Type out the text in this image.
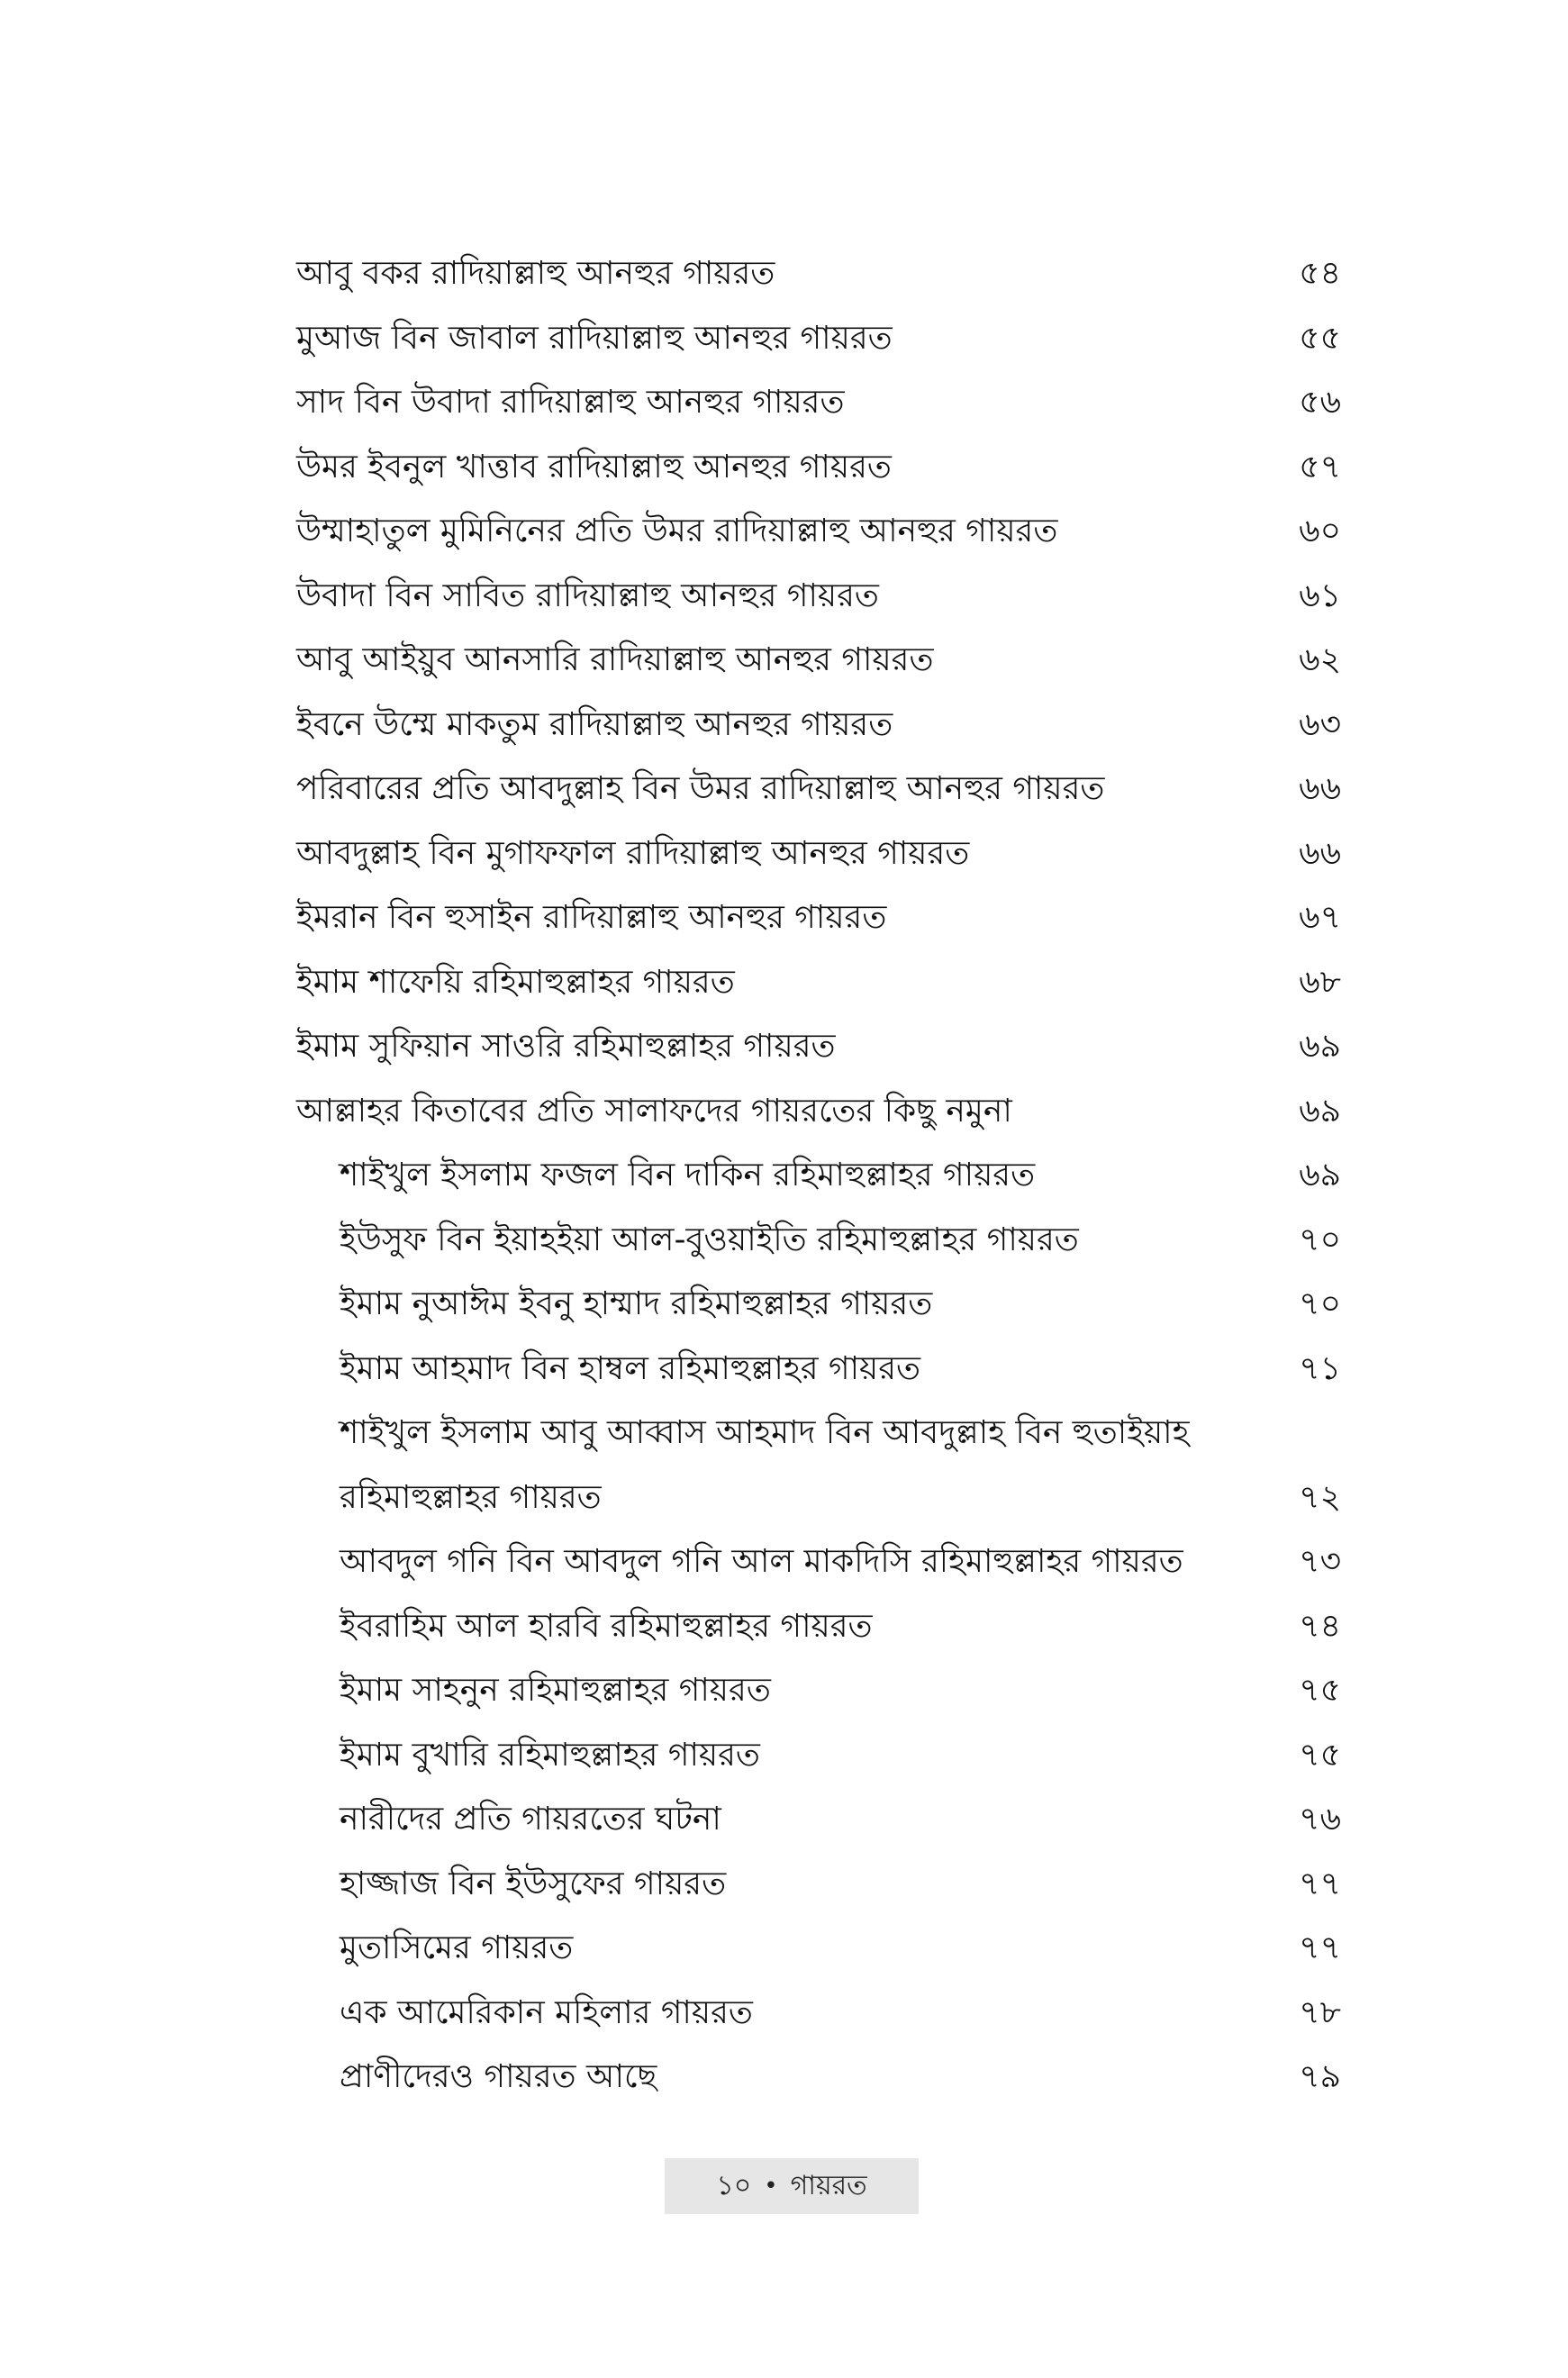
আবু বকর রাদিয়াল্লাহু আনহুর গায়রত	৫৪
মুআজ বিন জাবাল রাদিয়াল্লাহু আনহুর গায়রত	৫৫
সাদ বিন উবাদা রাদিয়াল্লাহু আনহুর গায়রত	৫৬
উমর ইবনুল খাত্তাব রাদিয়াল্লাহু আনহুর গায়রত	৫৭
উম্মাহাতুল মুমিনিনের প্রতি উমর রাদিয়াল্লাহু আনহুর গায়রত	৬০
উবাদা বিন সাবিত রাদিয়াল্লাহু আনহুর গায়রত	৬১
আবু আইয়ুব আনসারি রাদিয়াল্লাহু আনহুর গায়রত	৬২
ইবনে উম্মে মাকতুম রাদিয়াল্লাহু আনহুর গায়রত	৬৩
পরিবারের প্রতি আবদুল্লাহ বিন উমর রাদিয়াল্লাহু আনহুর গায়রত	৬৬
আবদুল্লাহ বিন মুগাফফাল রাদিয়াল্লাহু আনহুর গায়রত	৬৬
ইমরান বিন হুসাইন রাদিয়াল্লাহু আনহুর গায়রত	৬৭
ইমাম শাফেয়ি রহিমাহুল্লাহর গায়রত	৬৮
ইমাম সুফিয়ান সাওরি রহিমাহুল্লাহর গায়রত	৬৯
আল্লাহর কিতাবের প্রতি সালাফদের গায়রতের কিছু নমুনা	৬৯
শাইখুল ইসলাম ফজল বিন দাকিন রহিমাহুল্লাহর গায়রত	৬৯
ইউসুফ বিন ইয়াহইয়া আল-বুওয়াইতি রহিমাহুল্লাহর গায়রত	৭০
ইমাম নুআঈম ইবনু হাম্মাদ রহিমাহুল্লাহর গায়রত	৭০
ইমাম আহমাদ বিন হাম্বল রহিমাহুল্লাহর গায়রত	৭১
শাইখুল ইসলাম আবু আব্বাস আহমাদ বিন আবদুল্লাহ বিন হুতাইয়াহ রহিমাহুল্লাহর গায়রত	৭২
আবদুল গনি বিন আবদুল গনি আল মাকদিসি রহিমাহুল্লাহর গায়রত	৭৩
ইবরাহিম আল হারবি রহিমাহুল্লাহর গায়রত	৭৪
ইমাম সাহনুন রহিমাহুল্লাহর গায়রত	৭৫
ইমাম বুখারি রহিমাহুল্লাহর গায়রত	৭৫
নারীদের প্রতি গায়রতের ঘটনা	৭৬
হাজ্জাজ বিন ইউসুফের গায়রত	৭৭
মুতাসিমের গায়রত	৭৭
এক আমেরিকান মহিলার গায়রত	৭৮
প্রাণীদেরও গায়রত আছে	৭৯
১০ • গায়রত
